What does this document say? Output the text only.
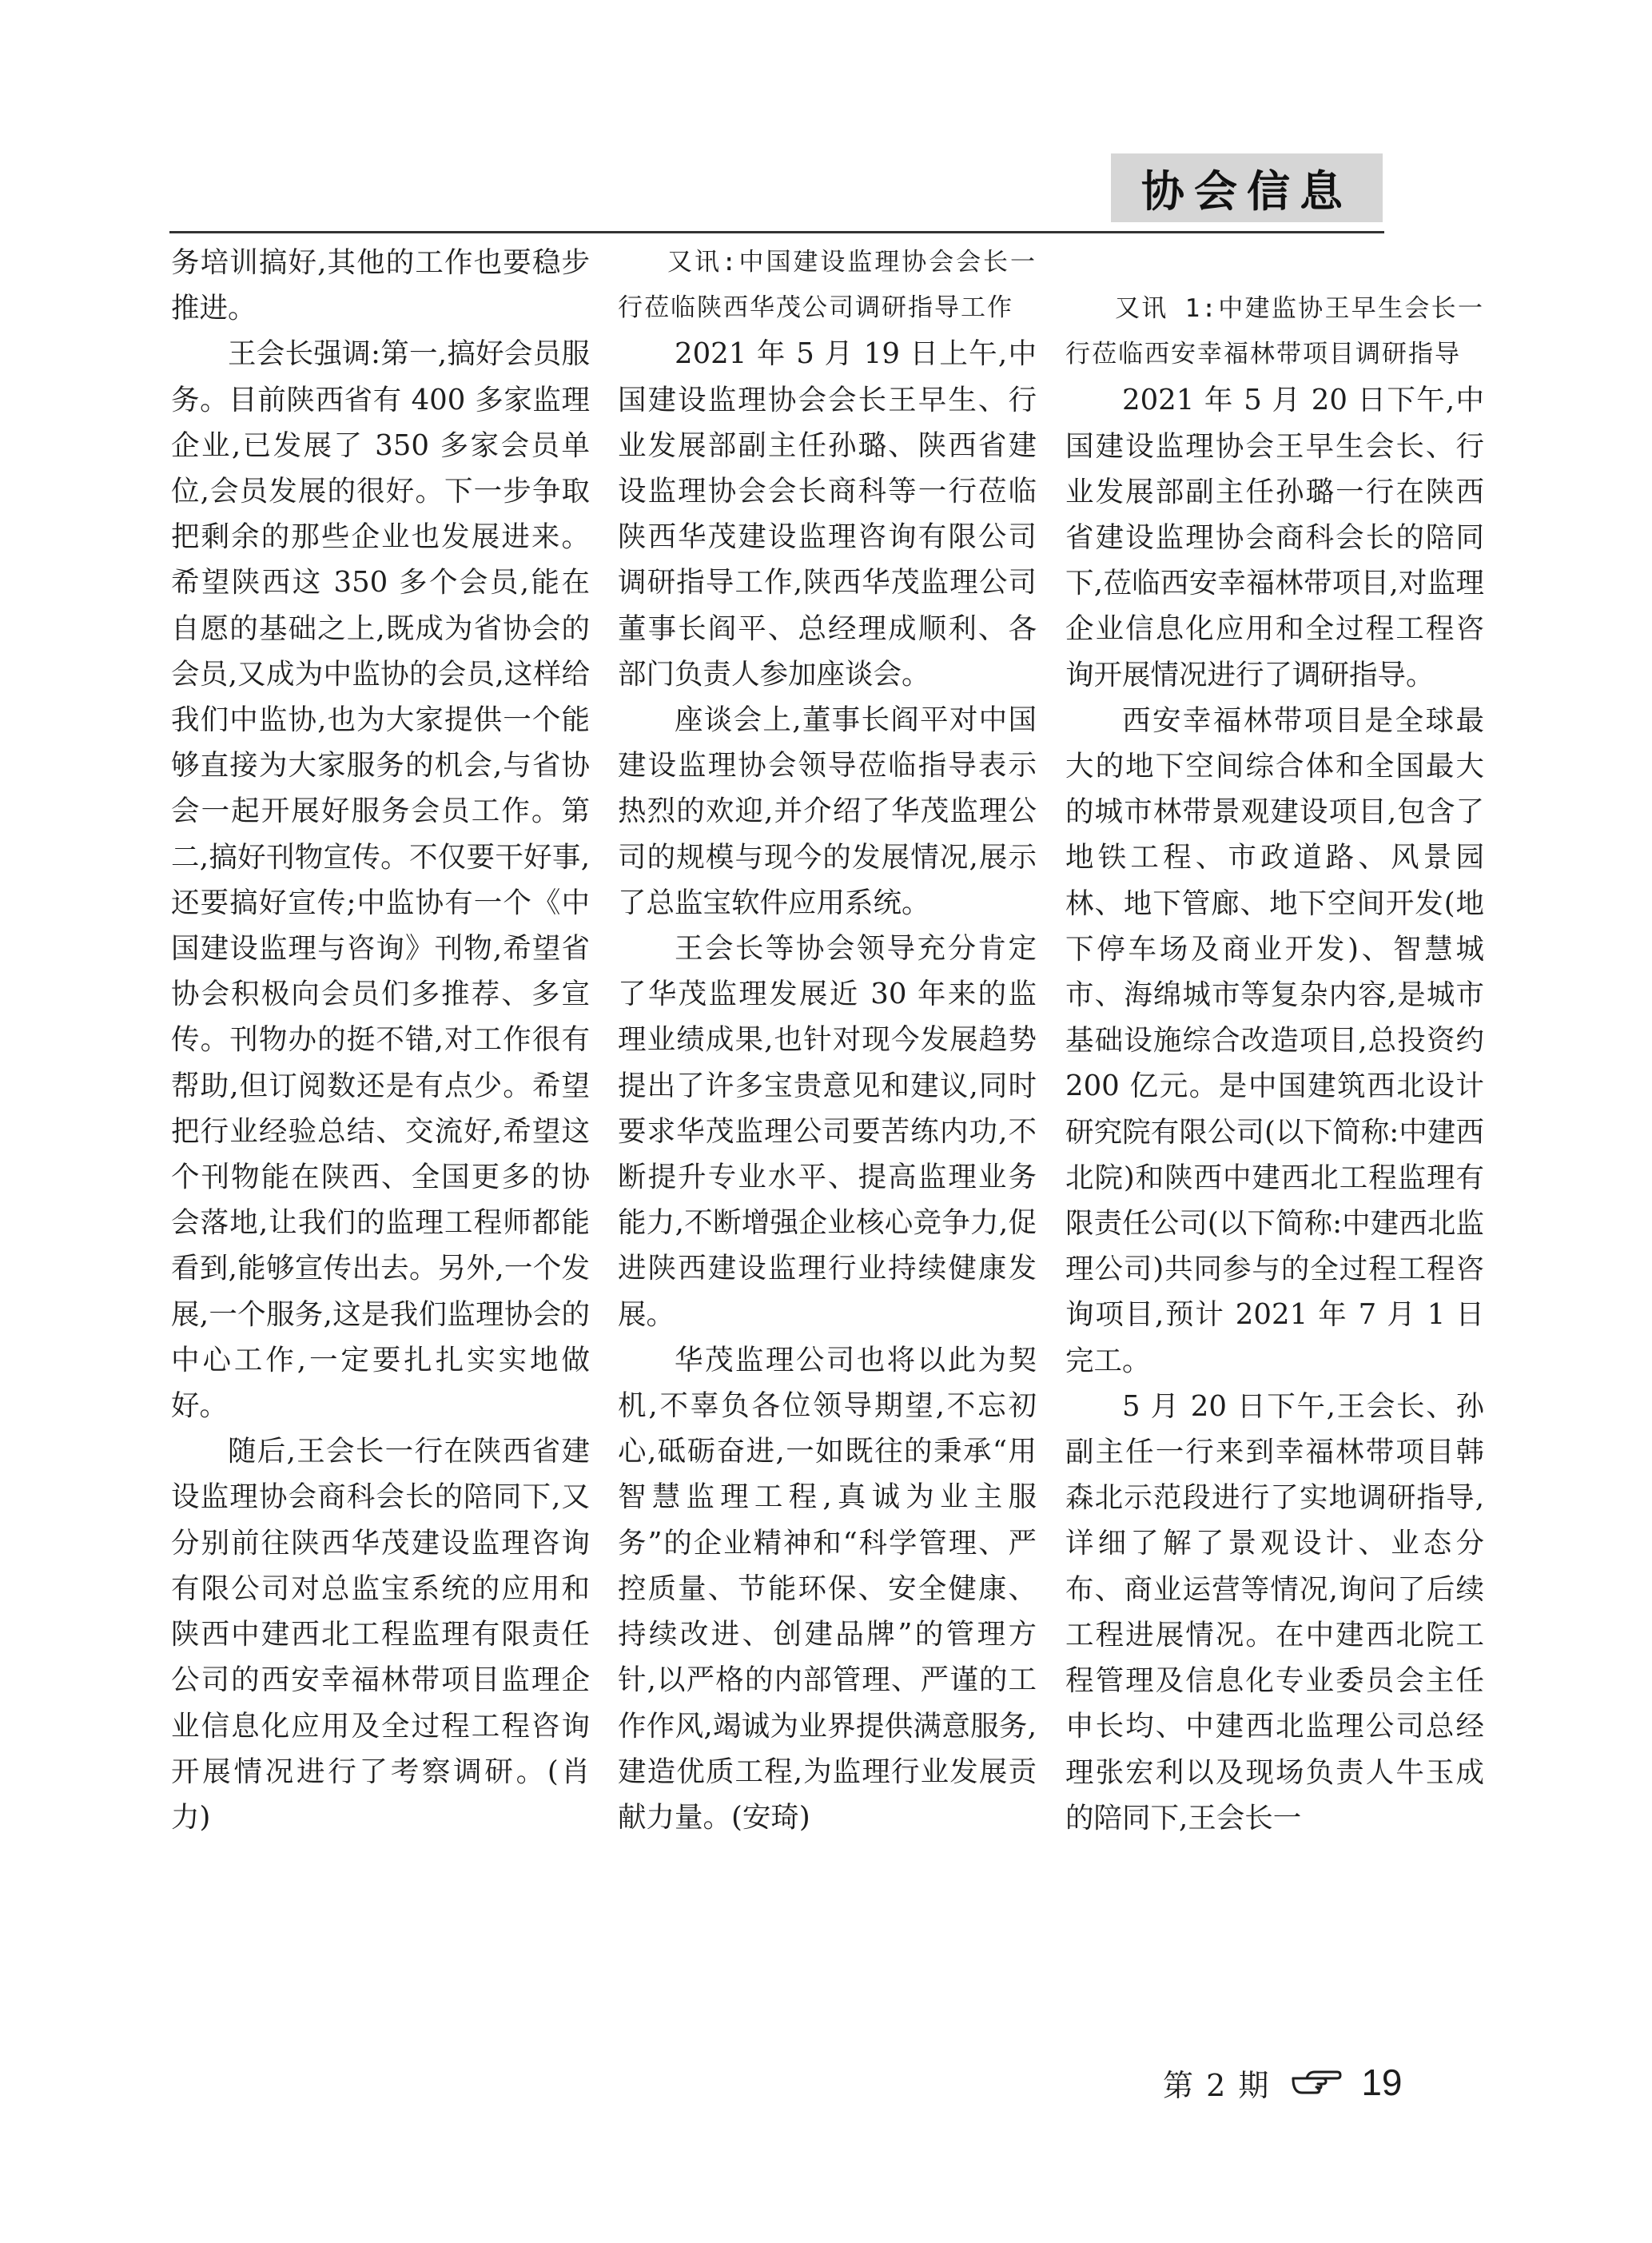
协会信息

务培训搞好,其他的工作也要稳步推进。

王会长强调:第一,搞好会员服务。目前陕西省有 400 多家监理企业,已发展了 350 多家会员单位,会员发展的很好。下一步争取把剩余的那些企业也发展进来。希望陕西这 350 多个会员,能在自愿的基础之上,既成为省协会的会员,又成为中监协的会员,这样给我们中监协,也为大家提供一个能够直接为大家服务的机会,与省协会一起开展好服务会员工作。第二,搞好刊物宣传。不仅要干好事,还要搞好宣传;中监协有一个《中国建设监理与咨询》刊物,希望省协会积极向会员们多推荐、多宣传。刊物办的挺不错,对工作很有帮助,但订阅数还是有点少。希望把行业经验总结、交流好,希望这个刊物能在陕西、全国更多的协会落地,让我们的监理工程师都能看到,能够宣传出去。另外,一个发展,一个服务,这是我们监理协会的中心工作,一定要扎扎实实地做好。

随后,王会长一行在陕西省建设监理协会商科会长的陪同下,又分别前往陕西华茂建设监理咨询有限公司对总监宝系统的应用和陕西中建西北工程监理有限责任公司的西安幸福林带项目监理企业信息化应用及全过程工程咨询开展情况进行了考察调研。(肖力)

又讯:中国建设监理协会会长一行莅临陕西华茂公司调研指导工作

2021 年 5 月 19 日上午,中国建设监理协会会长王早生、行业发展部副主任孙璐、陕西省建设监理协会会长商科等一行莅临陕西华茂建设监理咨询有限公司调研指导工作,陕西华茂监理公司董事长阎平、总经理成顺利、各部门负责人参加座谈会。

座谈会上,董事长阎平对中国建设监理协会领导莅临指导表示热烈的欢迎,并介绍了华茂监理公司的规模与现今的发展情况,展示了总监宝软件应用系统。

王会长等协会领导充分肯定了华茂监理发展近 30 年来的监理业绩成果,也针对现今发展趋势提出了许多宝贵意见和建议,同时要求华茂监理公司要苦练内功,不断提升专业水平、提高监理业务能力,不断增强企业核心竞争力,促进陕西建设监理行业持续健康发展。

华茂监理公司也将以此为契机,不辜负各位领导期望,不忘初心,砥砺奋进,一如既往的秉承“用智慧监理工程,真诚为业主服务”的企业精神和“科学管理、严控质量、节能环保、安全健康、持续改进、创建品牌”的管理方针,以严格的内部管理、严谨的工作作风,竭诚为业界提供满意服务,建造优质工程,为监理行业发展贡献力量。(安琦)

又讯 1:中建监协王早生会长一行莅临西安幸福林带项目调研指导

2021 年 5 月 20 日下午,中国建设监理协会王早生会长、行业发展部副主任孙璐一行在陕西省建设监理协会商科会长的陪同下,莅临西安幸福林带项目,对监理企业信息化应用和全过程工程咨询开展情况进行了调研指导。

西安幸福林带项目是全球最大的地下空间综合体和全国最大的城市林带景观建设项目,包含了地铁工程、市政道路、风景园林、地下管廊、地下空间开发(地下停车场及商业开发)、智慧城市、海绵城市等复杂内容,是城市基础设施综合改造项目,总投资约 200 亿元。是中国建筑西北设计研究院有限公司(以下简称:中建西北院)和陕西中建西北工程监理有限责任公司(以下简称:中建西北监理公司)共同参与的全过程工程咨询项目,预计 2021 年 7 月 1 日完工。

5 月 20 日下午,王会长、孙副主任一行来到幸福林带项目韩森北示范段进行了实地调研指导,详细了解了景观设计、业态分布、商业运营等情况,询问了后续工程进展情况。在中建西北院工程管理及信息化专业委员会主任申长均、中建西北监理公司总经理张宏利以及现场负责人牛玉成的陪同下,王会长一

第 2 期 19
